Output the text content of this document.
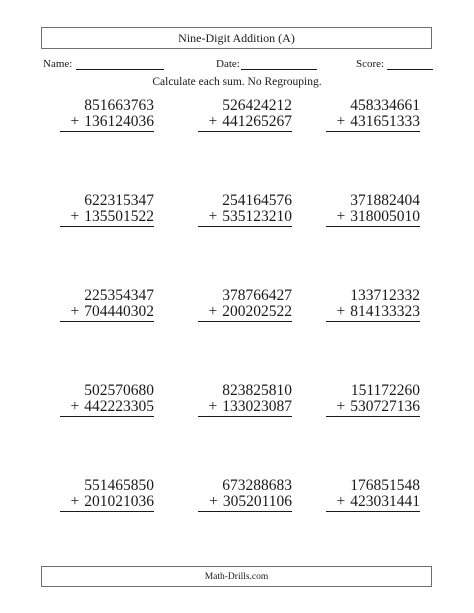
Nine-Digit Addition (A)
Name:	Date:	Score:
Calculate each sum. No Regrouping.
851663763
+ 136124036
526424212
+ 441265267
458334661
+ 431651333
622315347
+ 135501522
254164576
+ 535123210
371882404
+ 318005010
225354347
+ 704440302
378766427
+ 200202522
133712332
+ 814133323
502570680
+ 442223305
823825810
+ 133023087
151172260
+ 530727136
551465850
+ 201021036
673288683
+ 305201106
176851548
+ 423031441
Math-Drills.com
